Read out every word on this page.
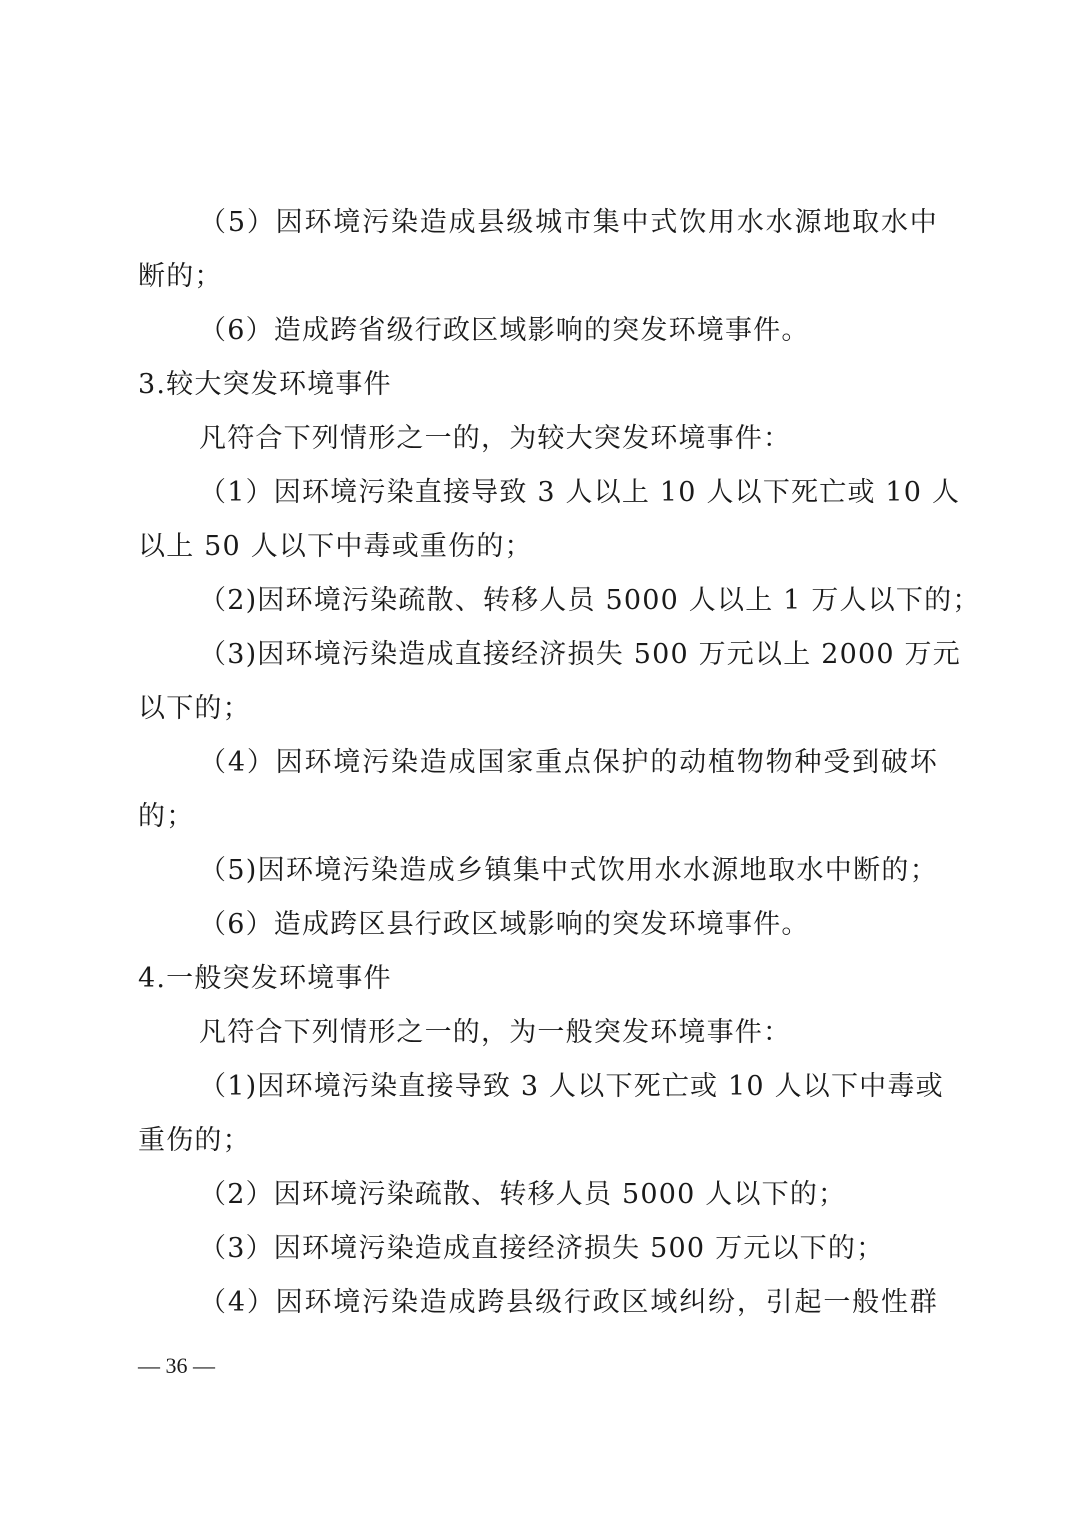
（5）因环境污染造成县级城市集中式饮用水水源地取水中
断的；
（6）造成跨省级行政区域影响的突发环境事件。
3.较大突发环境事件
凡符合下列情形之一的，为较大突发环境事件：
（1）因环境污染直接导致 3 人以上 10 人以下死亡或 10 人
以上 50 人以下中毒或重伤的；
（2)因环境污染疏散、转移人员 5000 人以上 1 万人以下的；
（3)因环境污染造成直接经济损失 500 万元以上 2000 万元
以下的；
（4）因环境污染造成国家重点保护的动植物物种受到破坏
的；
（5)因环境污染造成乡镇集中式饮用水水源地取水中断的；
（6）造成跨区县行政区域影响的突发环境事件。
4.一般突发环境事件
凡符合下列情形之一的，为一般突发环境事件：
（1)因环境污染直接导致 3 人以下死亡或 10 人以下中毒或
重伤的；
（2）因环境污染疏散、转移人员 5000 人以下的；
（3）因环境污染造成直接经济损失 500 万元以下的；
（4）因环境污染造成跨县级行政区域纠纷，引起一般性群
— 36 —
